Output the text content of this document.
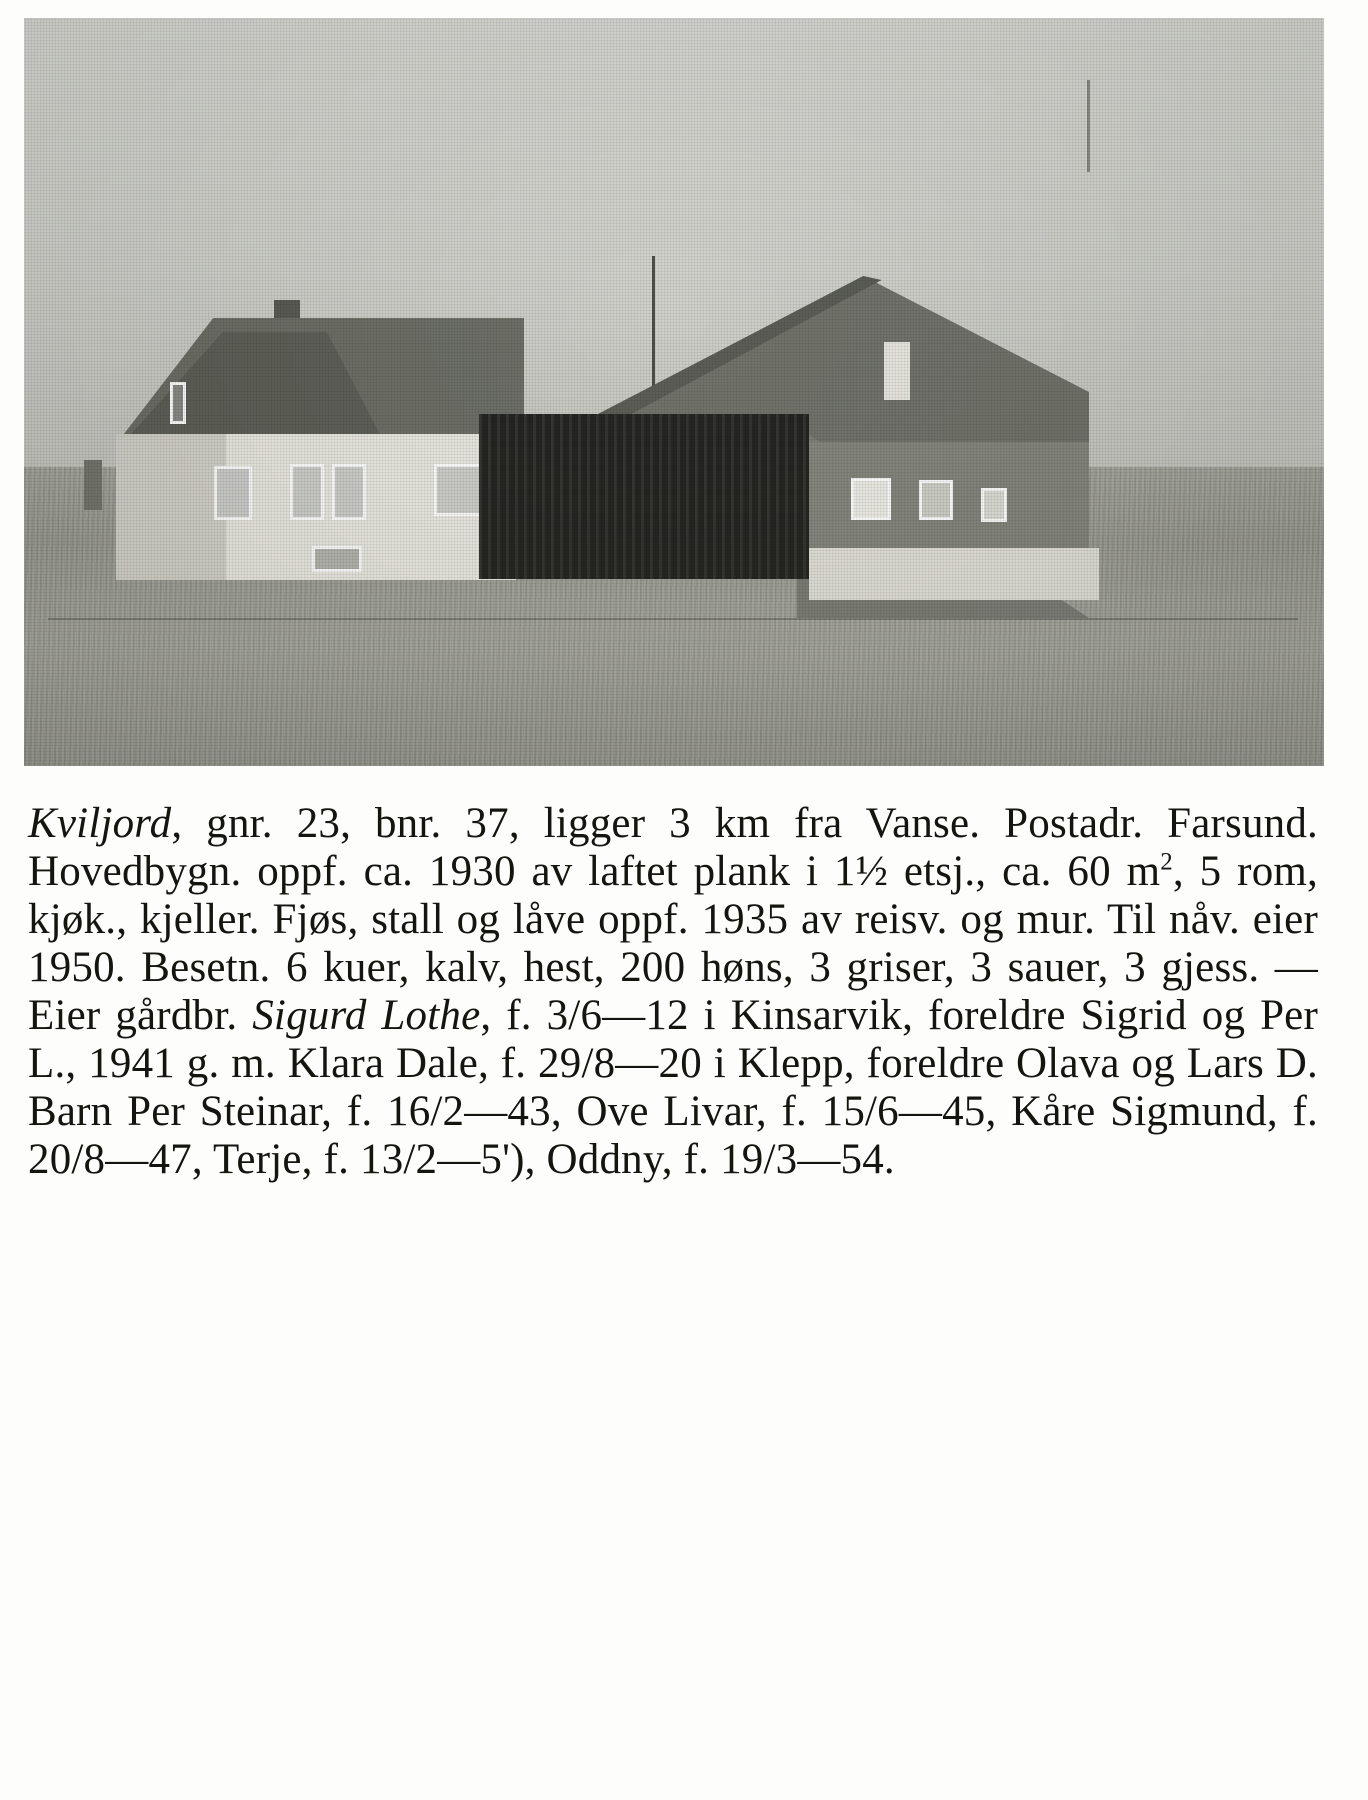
Kviljord, gnr. 23, bnr. 37, ligger 3 km fra Vanse. Postadr. Farsund. Hovedbygn. oppf. ca. 1930 av laftet plank i 1½ etsj., ca. 60 $m^2$, 5 rom, kjøk., kjeller. Fjøs, stall og låve oppf. 1935 av reisv. og mur. Til nåv. eier 1950. Besetn. 6 kuer, kalv, hest, 200 høns, 3 griser, 3 sauer, 3 gjess. — Eier gårdbr. Sigurd Lothe, f. 3/6—12 i Kinsarvik, foreldre Sigrid og Per L., 1941 g. m. Klara Dale, f. 29/8—20 i Klepp, foreldre Olava og Lars D. Barn Per Steinar, f. 16/2—43, Ove Livar, f. 15/6—45, Kåre Sigmund, f. 20/8—47, Terje, f. 13/2—5'), Oddny, f. 19/3—54.
